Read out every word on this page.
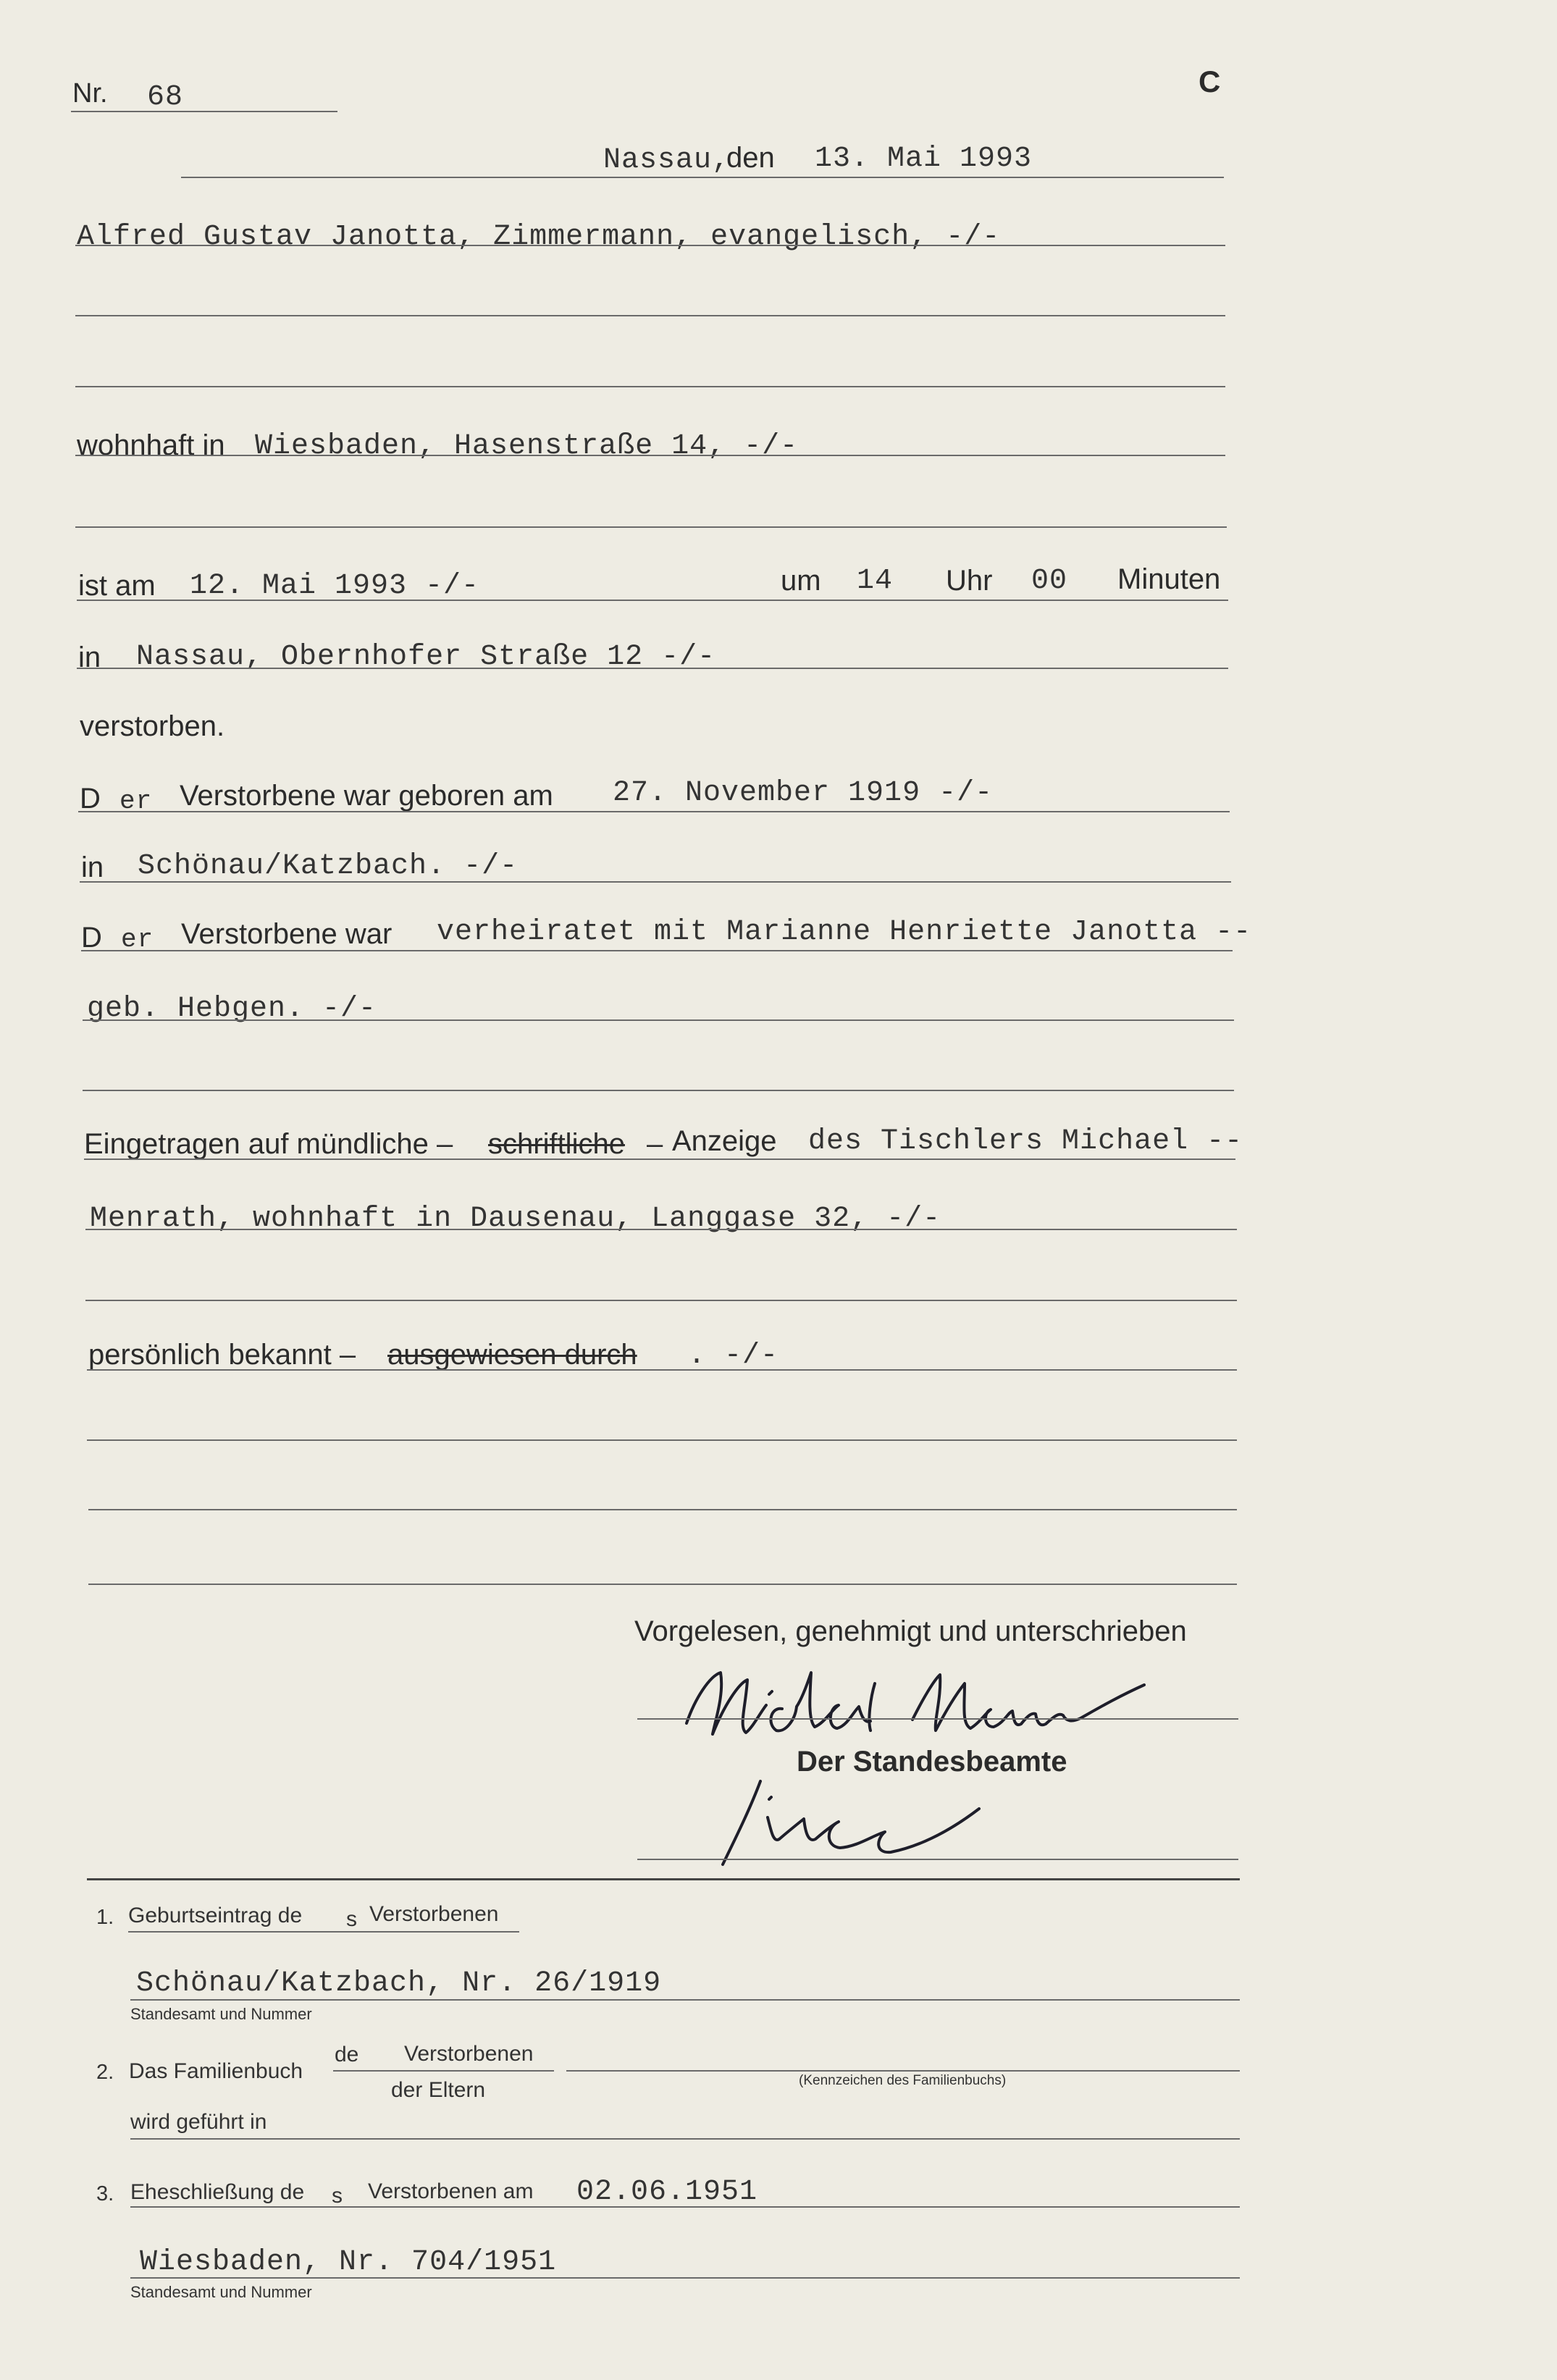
C
Nr. 68
Nassau,
den 13. Mai 1993
Alfred Gustav Janotta, Zimmermann, evangelisch, -/-
wohnhaft in Wiesbaden, Hasenstraße 14, -/-
ist am 12. Mai 1993 -/-	um 14 Uhr 00 Minuten
in Nassau, Obernhofer Straße 12 -/-
verstorben.
D er Verstorbene war geboren am 27. November 1919 -/-
in Schönau/Katzbach. -/-
D er Verstorbene war verheiratet mit Marianne Henriette Janotta --
geb. Hebgen. -/-
Eingetragen auf mündliche – schriftliche – Anzeige des Tischlers Michael --
Menrath, wohnhaft in Dausenau, Langgase 32, -/-
persönlich bekannt – ausgewiesen durch . -/-
Vorgelesen, genehmigt und unterschrieben
Der Standesbeamte
1. Geburtseintrag de s Verstorbenen
Schönau/Katzbach, Nr. 26/1919
Standesamt und Nummer
2. Das Familienbuch
de Verstorbenen
der Eltern	(Kennzeichen des Familienbuchs)
wird geführt in
3. Eheschließung de s Verstorbenen am 02.06.1951
Wiesbaden, Nr. 704/1951
Standesamt und Nummer
